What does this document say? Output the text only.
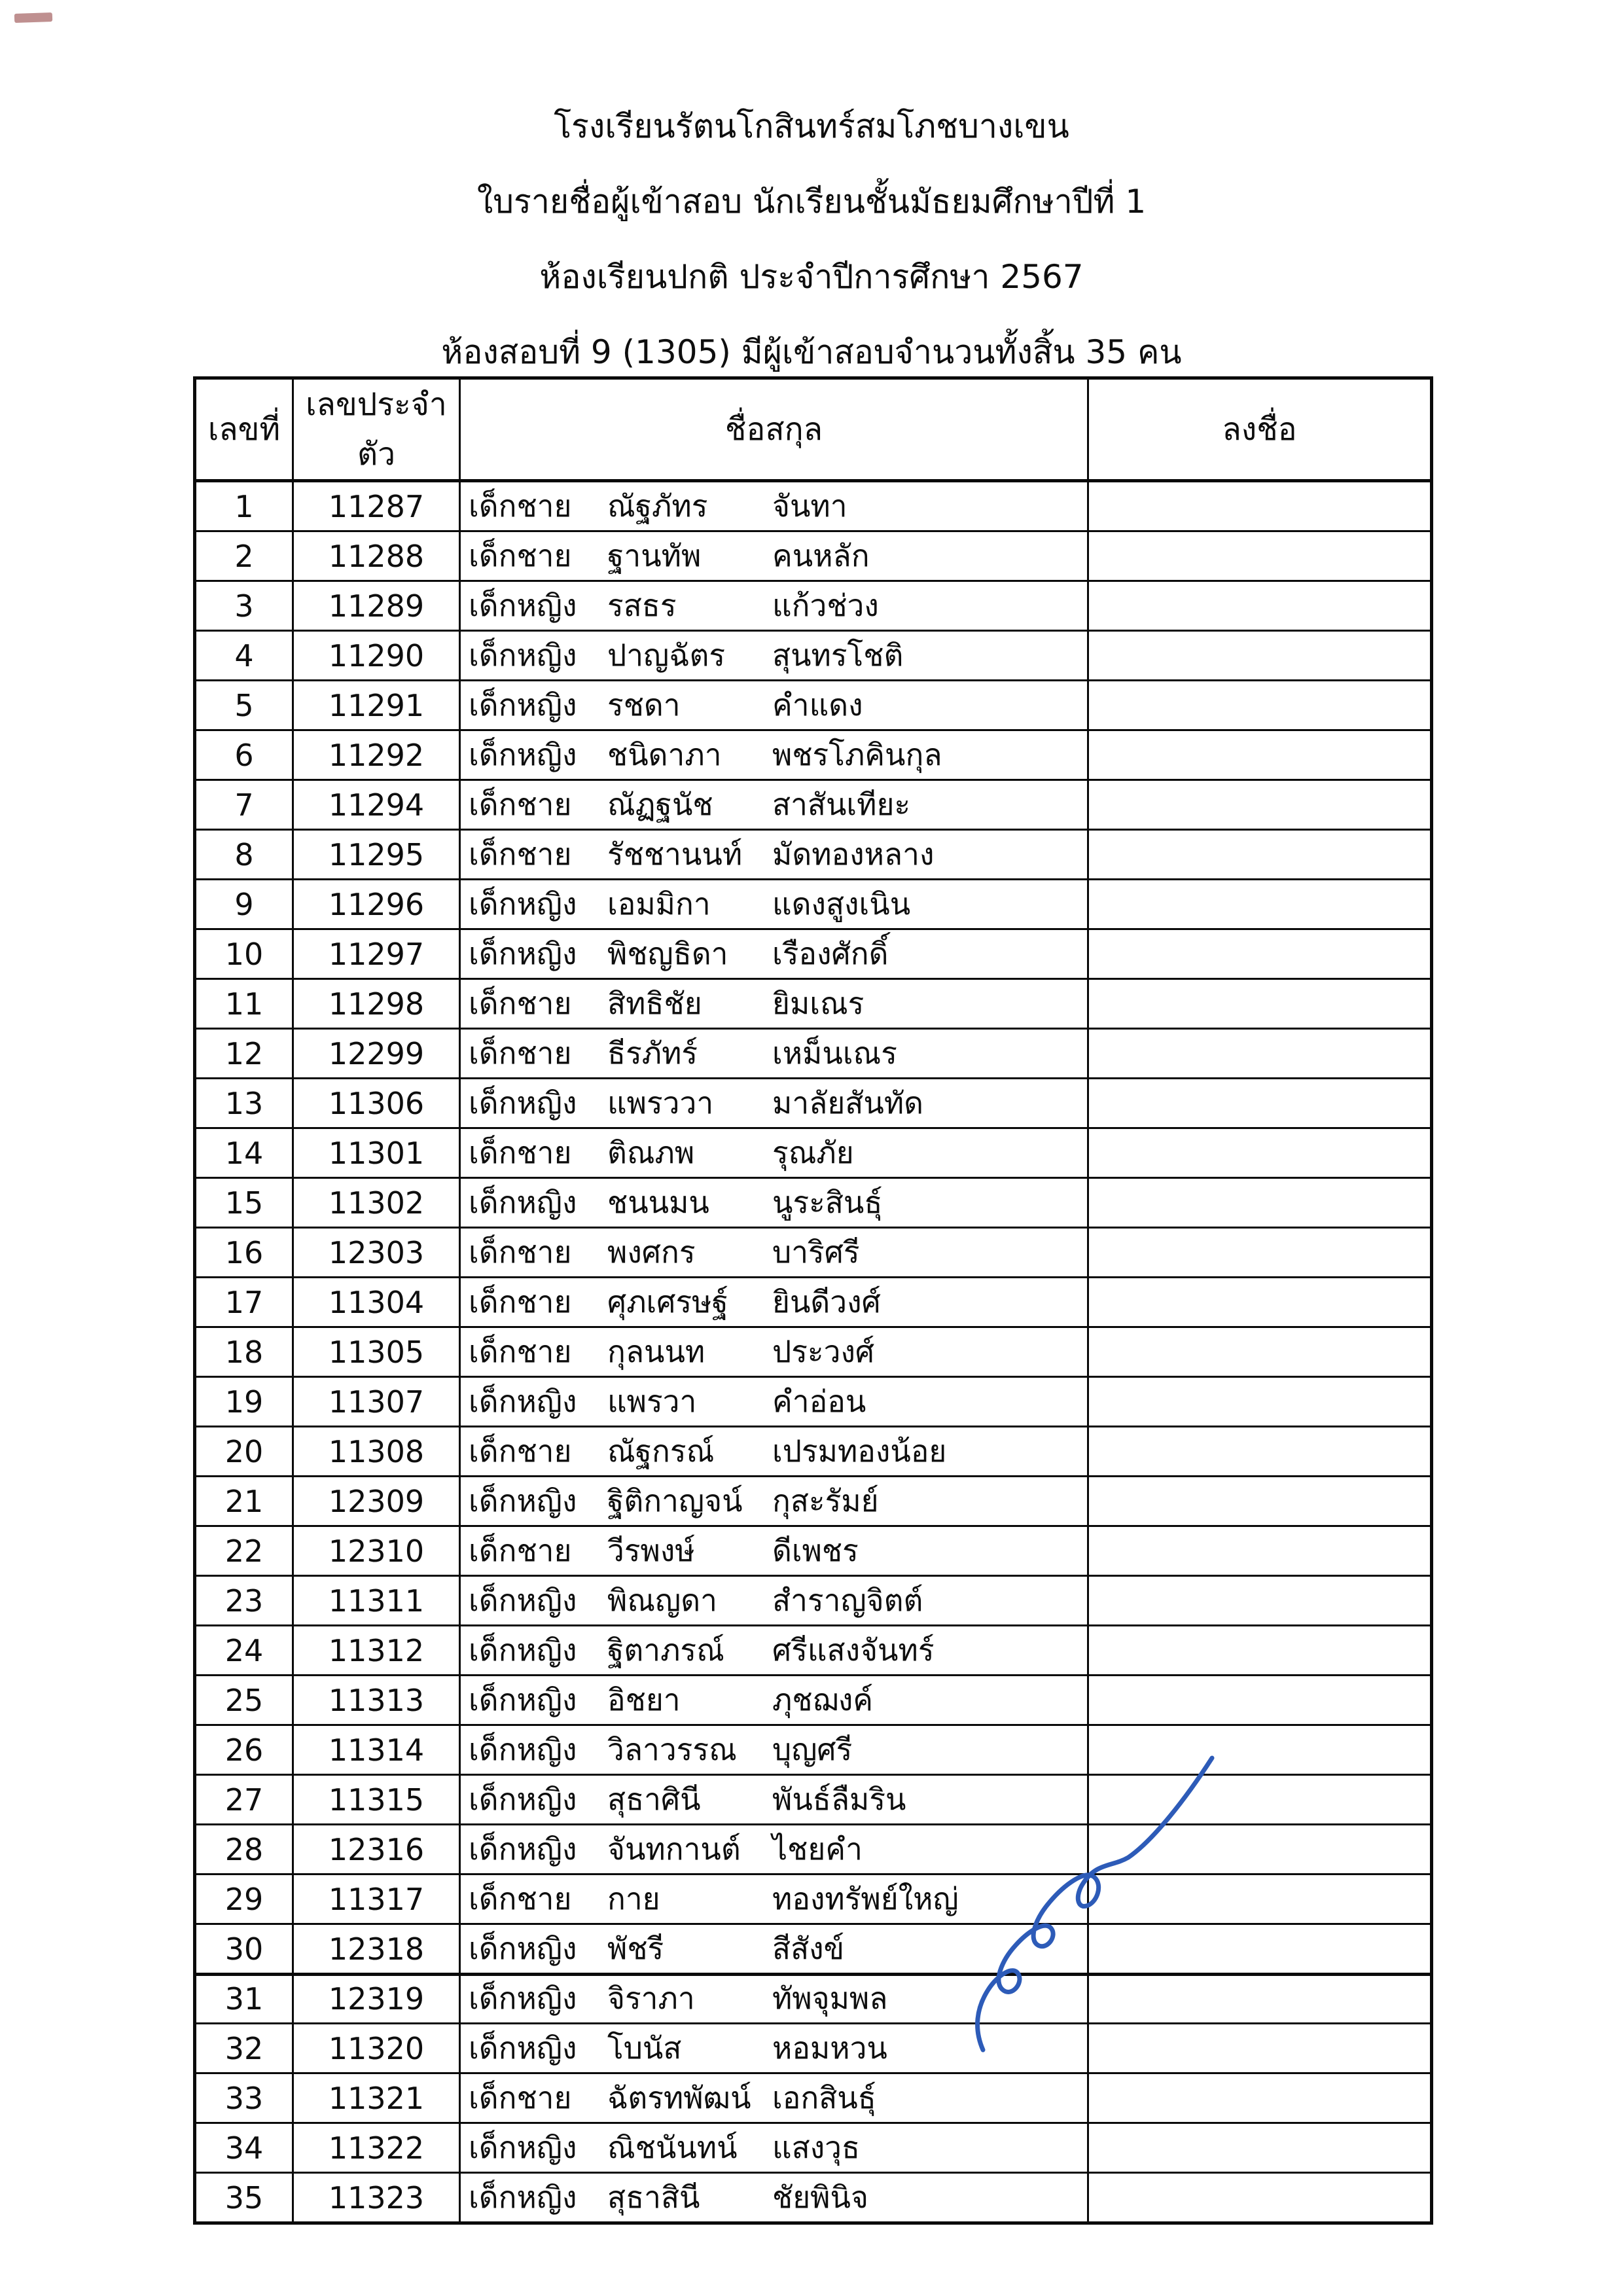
โรงเรียนรัตนโกสินทร์สมโภชบางเขน
ใบรายชื่อผู้เข้าสอบ นักเรียนชั้นมัธยมศึกษาปีที่ 1
ห้องเรียนปกติ ประจำปีการศึกษา 2567
ห้องสอบที่ 9 (1305) มีผู้เข้าสอบจำนวนทั้งสิ้น 35 คน
เลขที่	เลขประจำตัว	ชื่อสกุล	ลงชื่อ
1	11287	เด็กชาย ณัฐภัทร จันทา	
2	11288	เด็กชาย ฐานทัพ คนหลัก	
3	11289	เด็กหญิง รสธร แก้วช่วง	
4	11290	เด็กหญิง ปาญฉัตร สุนทรโชติ	
5	11291	เด็กหญิง รชดา คำแดง	
6	11292	เด็กหญิง ชนิดาภา พชรโภคินกุล	
7	11294	เด็กชาย ณัฏฐนัช สาสันเทียะ	
8	11295	เด็กชาย รัชชานนท์ มัดทองหลาง	
9	11296	เด็กหญิง เอมมิกา แดงสูงเนิน	
10	11297	เด็กหญิง พิชญธิดา เรืองศักดิ์	
11	11298	เด็กชาย สิทธิชัย ยิมเณร	
12	12299	เด็กชาย ธีรภัทร์ เหม็นเณร	
13	11306	เด็กหญิง แพรววา มาลัยสันทัด	
14	11301	เด็กชาย ติณภพ รุณภัย	
15	11302	เด็กหญิง ชนนมน นูระสินธุ์	
16	12303	เด็กชาย พงศกร บาริศรี	
17	11304	เด็กชาย ศุภเศรษฐ์ ยินดีวงศ์	
18	11305	เด็กชาย กุลนนท ประวงศ์	
19	11307	เด็กหญิง แพรวา คำอ่อน	
20	11308	เด็กชาย ณัฐกรณ์ เปรมทองน้อย	
21	12309	เด็กหญิง ฐิติกาญจน์ กุสะรัมย์	
22	12310	เด็กชาย วีรพงษ์ ดีเพชร	
23	11311	เด็กหญิง พิณญดา สำราญจิตต์	
24	11312	เด็กหญิง ฐิตาภรณ์ ศรีแสงจันทร์	
25	11313	เด็กหญิง อิชยา ภุชฌงค์	
26	11314	เด็กหญิง วิลาวรรณ บุญศรี	
27	11315	เด็กหญิง สุธาศินี พันธ์ลืมริน	
28	12316	เด็กหญิง จันทกานต์ ไชยคำ	
29	11317	เด็กชาย กาย ทองทรัพย์ใหญ่	
30	12318	เด็กหญิง พัชรี สีสังข์	
31	12319	เด็กหญิง จิราภา ทัพจุมพล	
32	11320	เด็กหญิง โบนัส หอมหวน	
33	11321	เด็กชาย ฉัตรทพัฒน์ เอกสินธุ์	
34	11322	เด็กหญิง ณิชนันทน์ แสงวุธ	
35	11323	เด็กหญิง สุธาสินี ชัยพินิจ	
